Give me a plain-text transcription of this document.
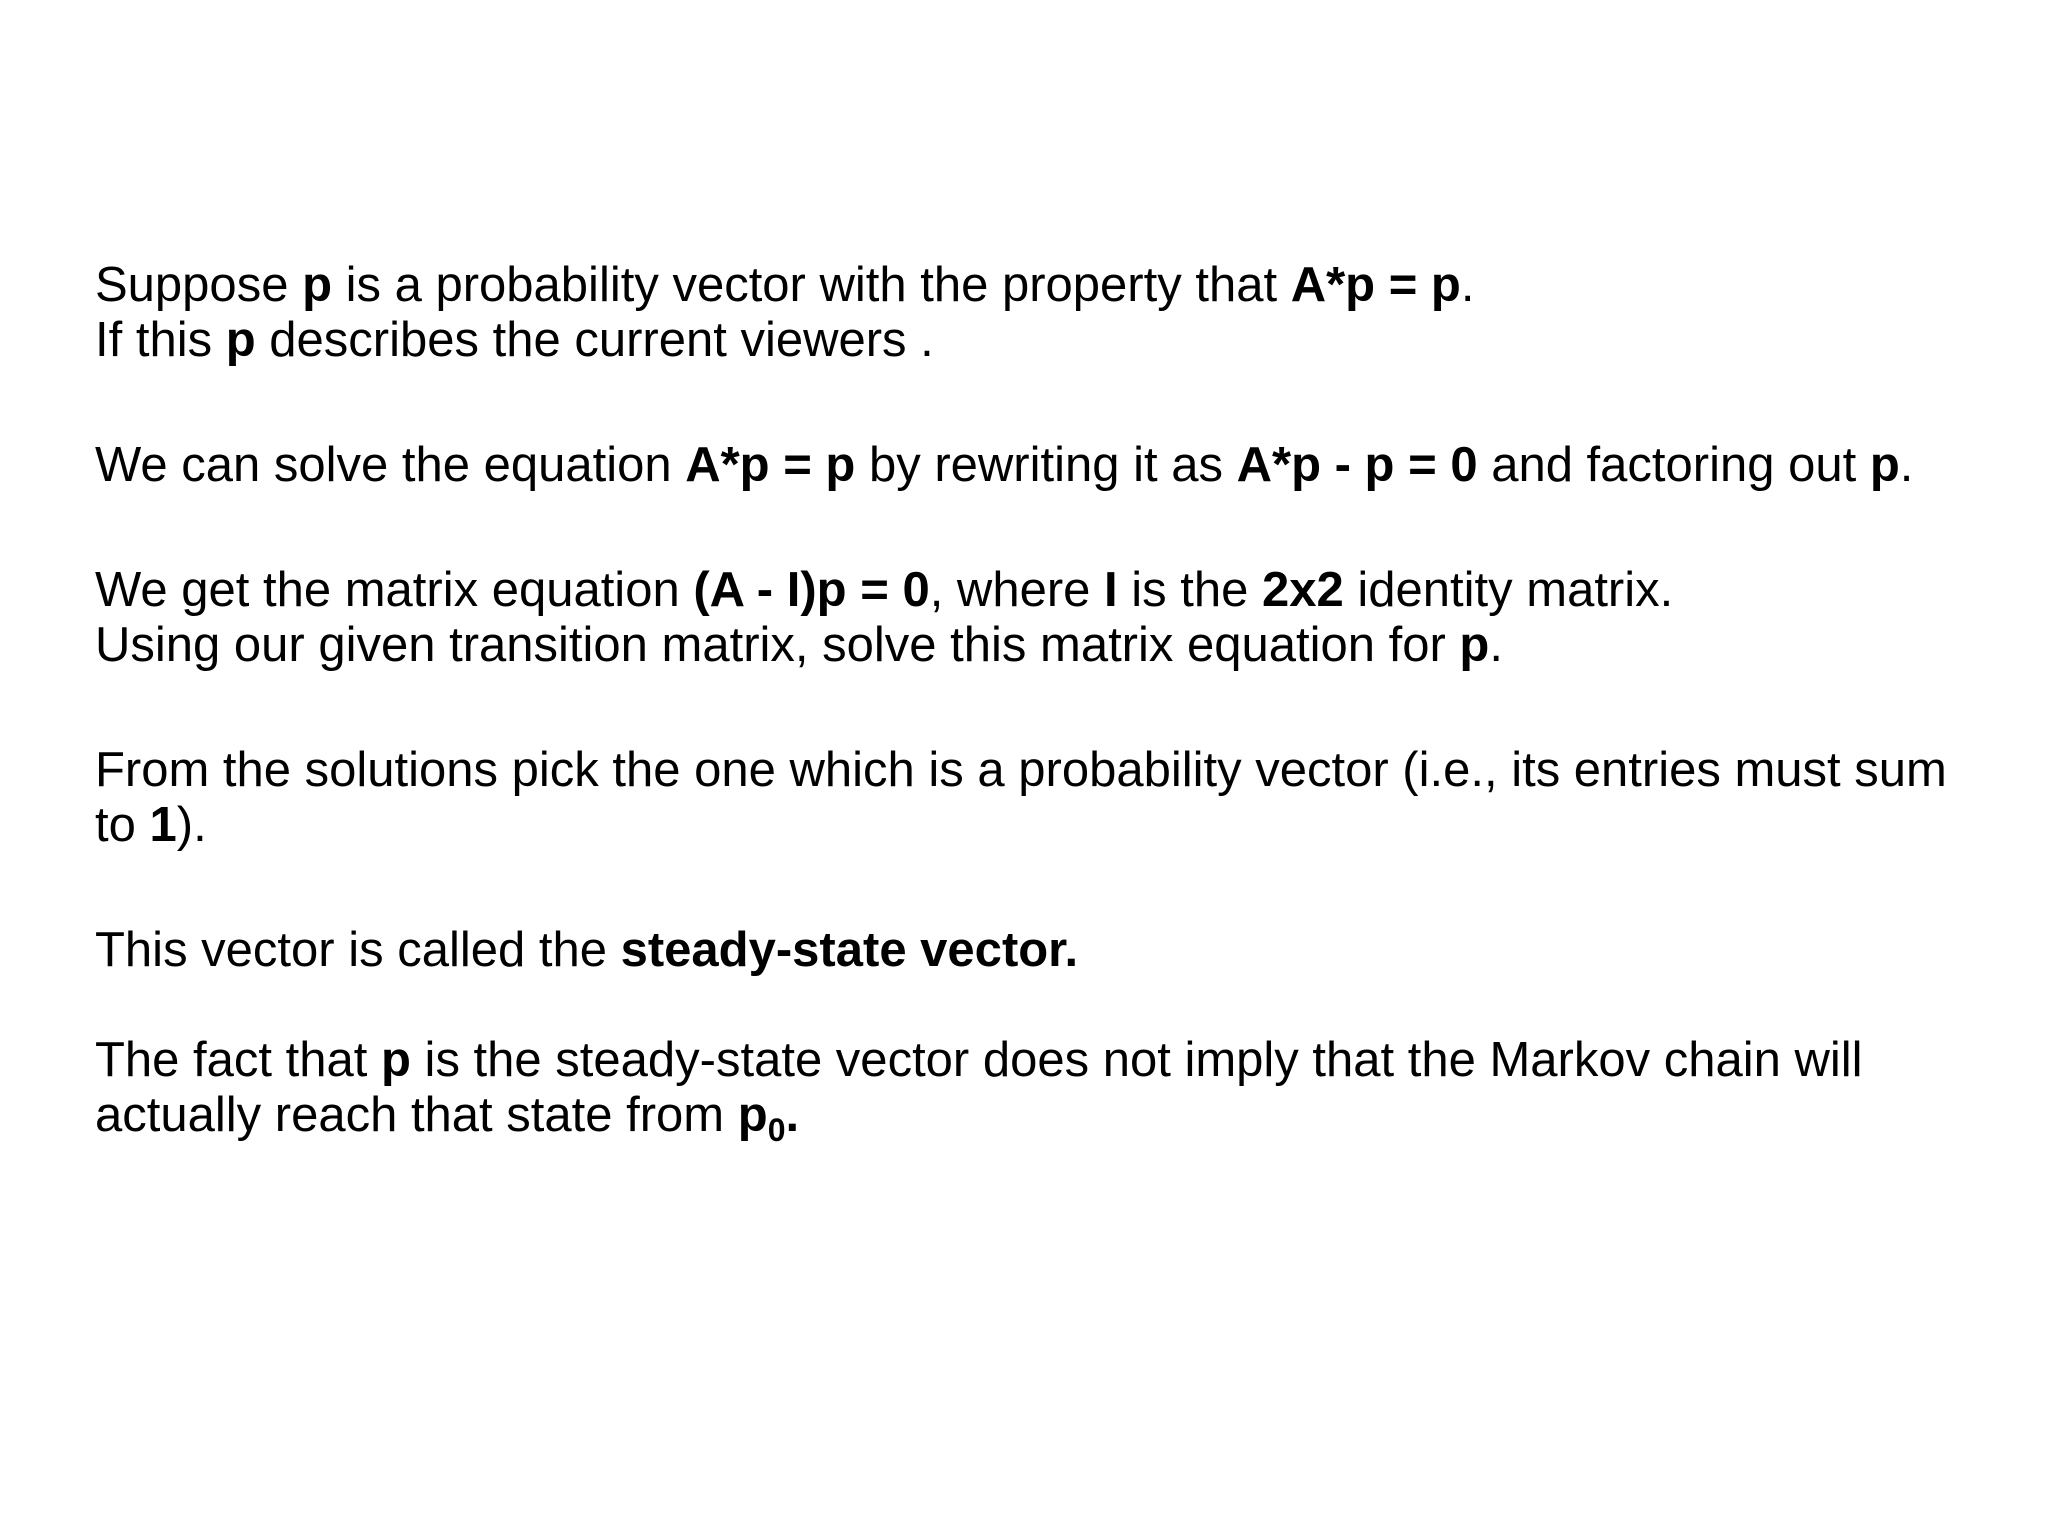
Suppose p is a probability vector with the property that A*p = p.
If this p describes the current viewers .

We can solve the equation A*p = p by rewriting it as A*p - p = 0 and factoring out p.

We get the matrix equation (A - I)p = 0, where I is the 2x2 identity matrix.
Using our given transition matrix, solve this matrix equation for p.

From the solutions pick the one which is a probability vector (i.e., its entries must sum to 1).

This vector is called the steady-state vector.

The fact that p is the steady-state vector does not imply that the Markov chain will actually reach that state from $p_0$.
